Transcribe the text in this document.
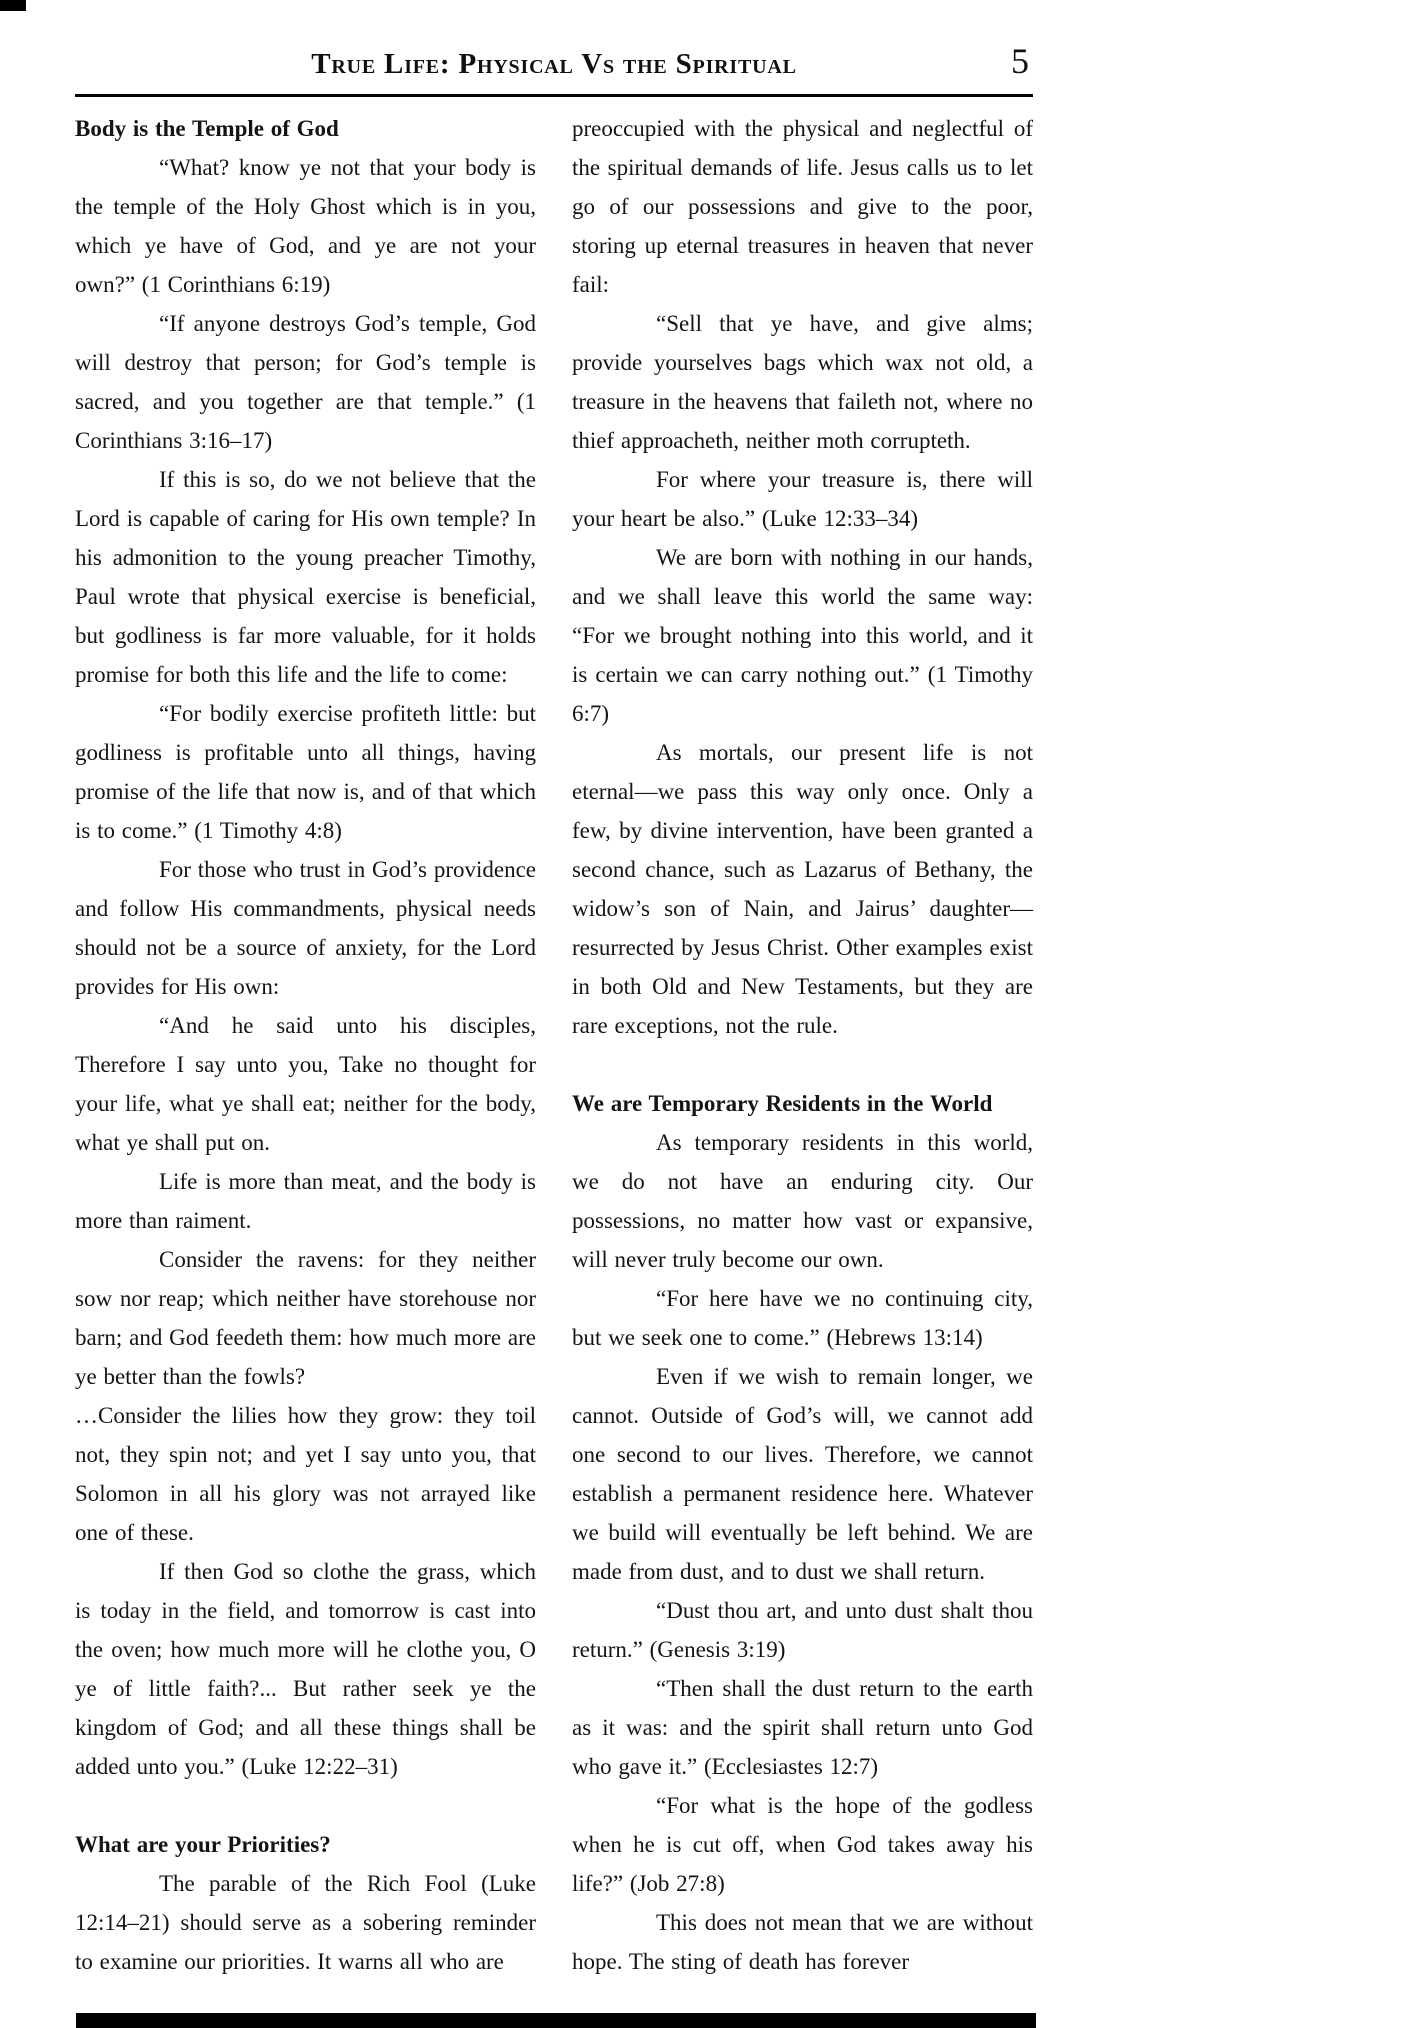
True Life: Physical Vs the Spiritual	5
Body is the Temple of God

“What? know ye not that your body is the temple of the Holy Ghost which is in you, which ye have of God, and ye are not your own?” (1 Corinthians 6:19)

“If anyone destroys God’s temple, God will destroy that person; for God’s temple is sacred, and you together are that temple.” (1 Corinthians 3:16–17)

If this is so, do we not believe that the Lord is capable of caring for His own temple? In his admonition to the young preacher Timothy, Paul wrote that physical exercise is beneficial, but godliness is far more valuable, for it holds promise for both this life and the life to come:

“For bodily exercise profiteth little: but godliness is profitable unto all things, having promise of the life that now is, and of that which is to come.” (1 Timothy 4:8)

For those who trust in God’s providence and follow His commandments, physical needs should not be a source of anxiety, for the Lord provides for His own:

“And he said unto his disciples, Therefore I say unto you, Take no thought for your life, what ye shall eat; neither for the body, what ye shall put on.

Life is more than meat, and the body is more than raiment.

Consider the ravens: for they neither sow nor reap; which neither have storehouse nor barn; and God feedeth them: how much more are ye better than the fowls?

…Consider the lilies how they grow: they toil not, they spin not; and yet I say unto you, that Solomon in all his glory was not arrayed like one of these.

If then God so clothe the grass, which is today in the field, and tomorrow is cast into the oven; how much more will he clothe you, O ye of little faith?... But rather seek ye the kingdom of God; and all these things shall be added unto you.” (Luke 12:22–31)

What are your Priorities?

The parable of the Rich Fool (Luke 12:14–21) should serve as a sobering reminder to examine our priorities. It warns all who are

preoccupied with the physical and neglectful of the spiritual demands of life. Jesus calls us to let go of our possessions and give to the poor, storing up eternal treasures in heaven that never fail:

“Sell that ye have, and give alms; provide yourselves bags which wax not old, a treasure in the heavens that faileth not, where no thief approacheth, neither moth corrupteth.

For where your treasure is, there will your heart be also.” (Luke 12:33–34)

We are born with nothing in our hands, and we shall leave this world the same way: “For we brought nothing into this world, and it is certain we can carry nothing out.” (1 Timothy 6:7)

As mortals, our present life is not eternal—we pass this way only once. Only a few, by divine intervention, have been granted a second chance, such as Lazarus of Bethany, the widow’s son of Nain, and Jairus’ daughter—resurrected by Jesus Christ. Other examples exist in both Old and New Testaments, but they are rare exceptions, not the rule.

We are Temporary Residents in the World

As temporary residents in this world, we do not have an enduring city. Our possessions, no matter how vast or expansive, will never truly become our own.

“For here have we no continuing city, but we seek one to come.” (Hebrews 13:14)

Even if we wish to remain longer, we cannot. Outside of God’s will, we cannot add one second to our lives. Therefore, we cannot establish a permanent residence here. Whatever we build will eventually be left behind. We are made from dust, and to dust we shall return.

“Dust thou art, and unto dust shalt thou return.” (Genesis 3:19)

“Then shall the dust return to the earth as it was: and the spirit shall return unto God who gave it.” (Ecclesiastes 12:7)

“For what is the hope of the godless when he is cut off, when God takes away his life?” (Job 27:8)

This does not mean that we are without hope. The sting of death has forever
